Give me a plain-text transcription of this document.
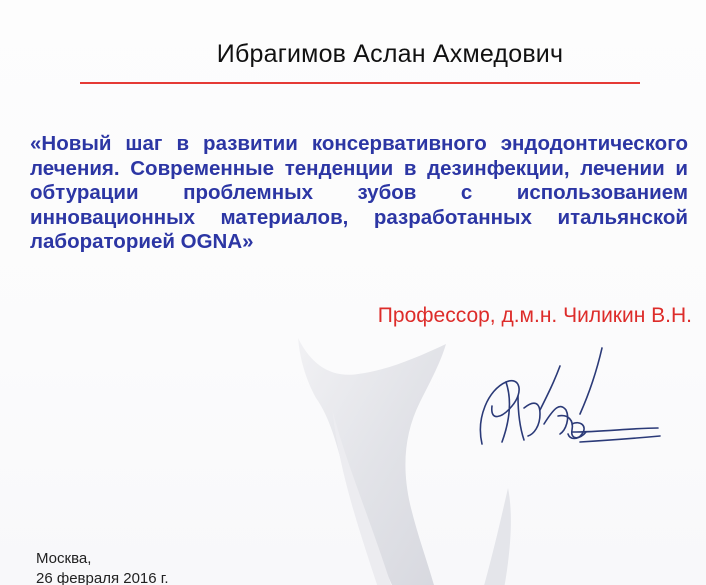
Ибрагимов Аслан Ахмедович
«Новый шаг в развитии консервативного эндодонтического лечения. Современные тенденции в дезинфекции, лечении и обтурации проблемных зубов с использованием инновационных материалов, разработанных итальянской лабораторией OGNA»
Профессор, д.м.н. Чиликин В.Н.
Москва,
26 февраля 2016 г.
